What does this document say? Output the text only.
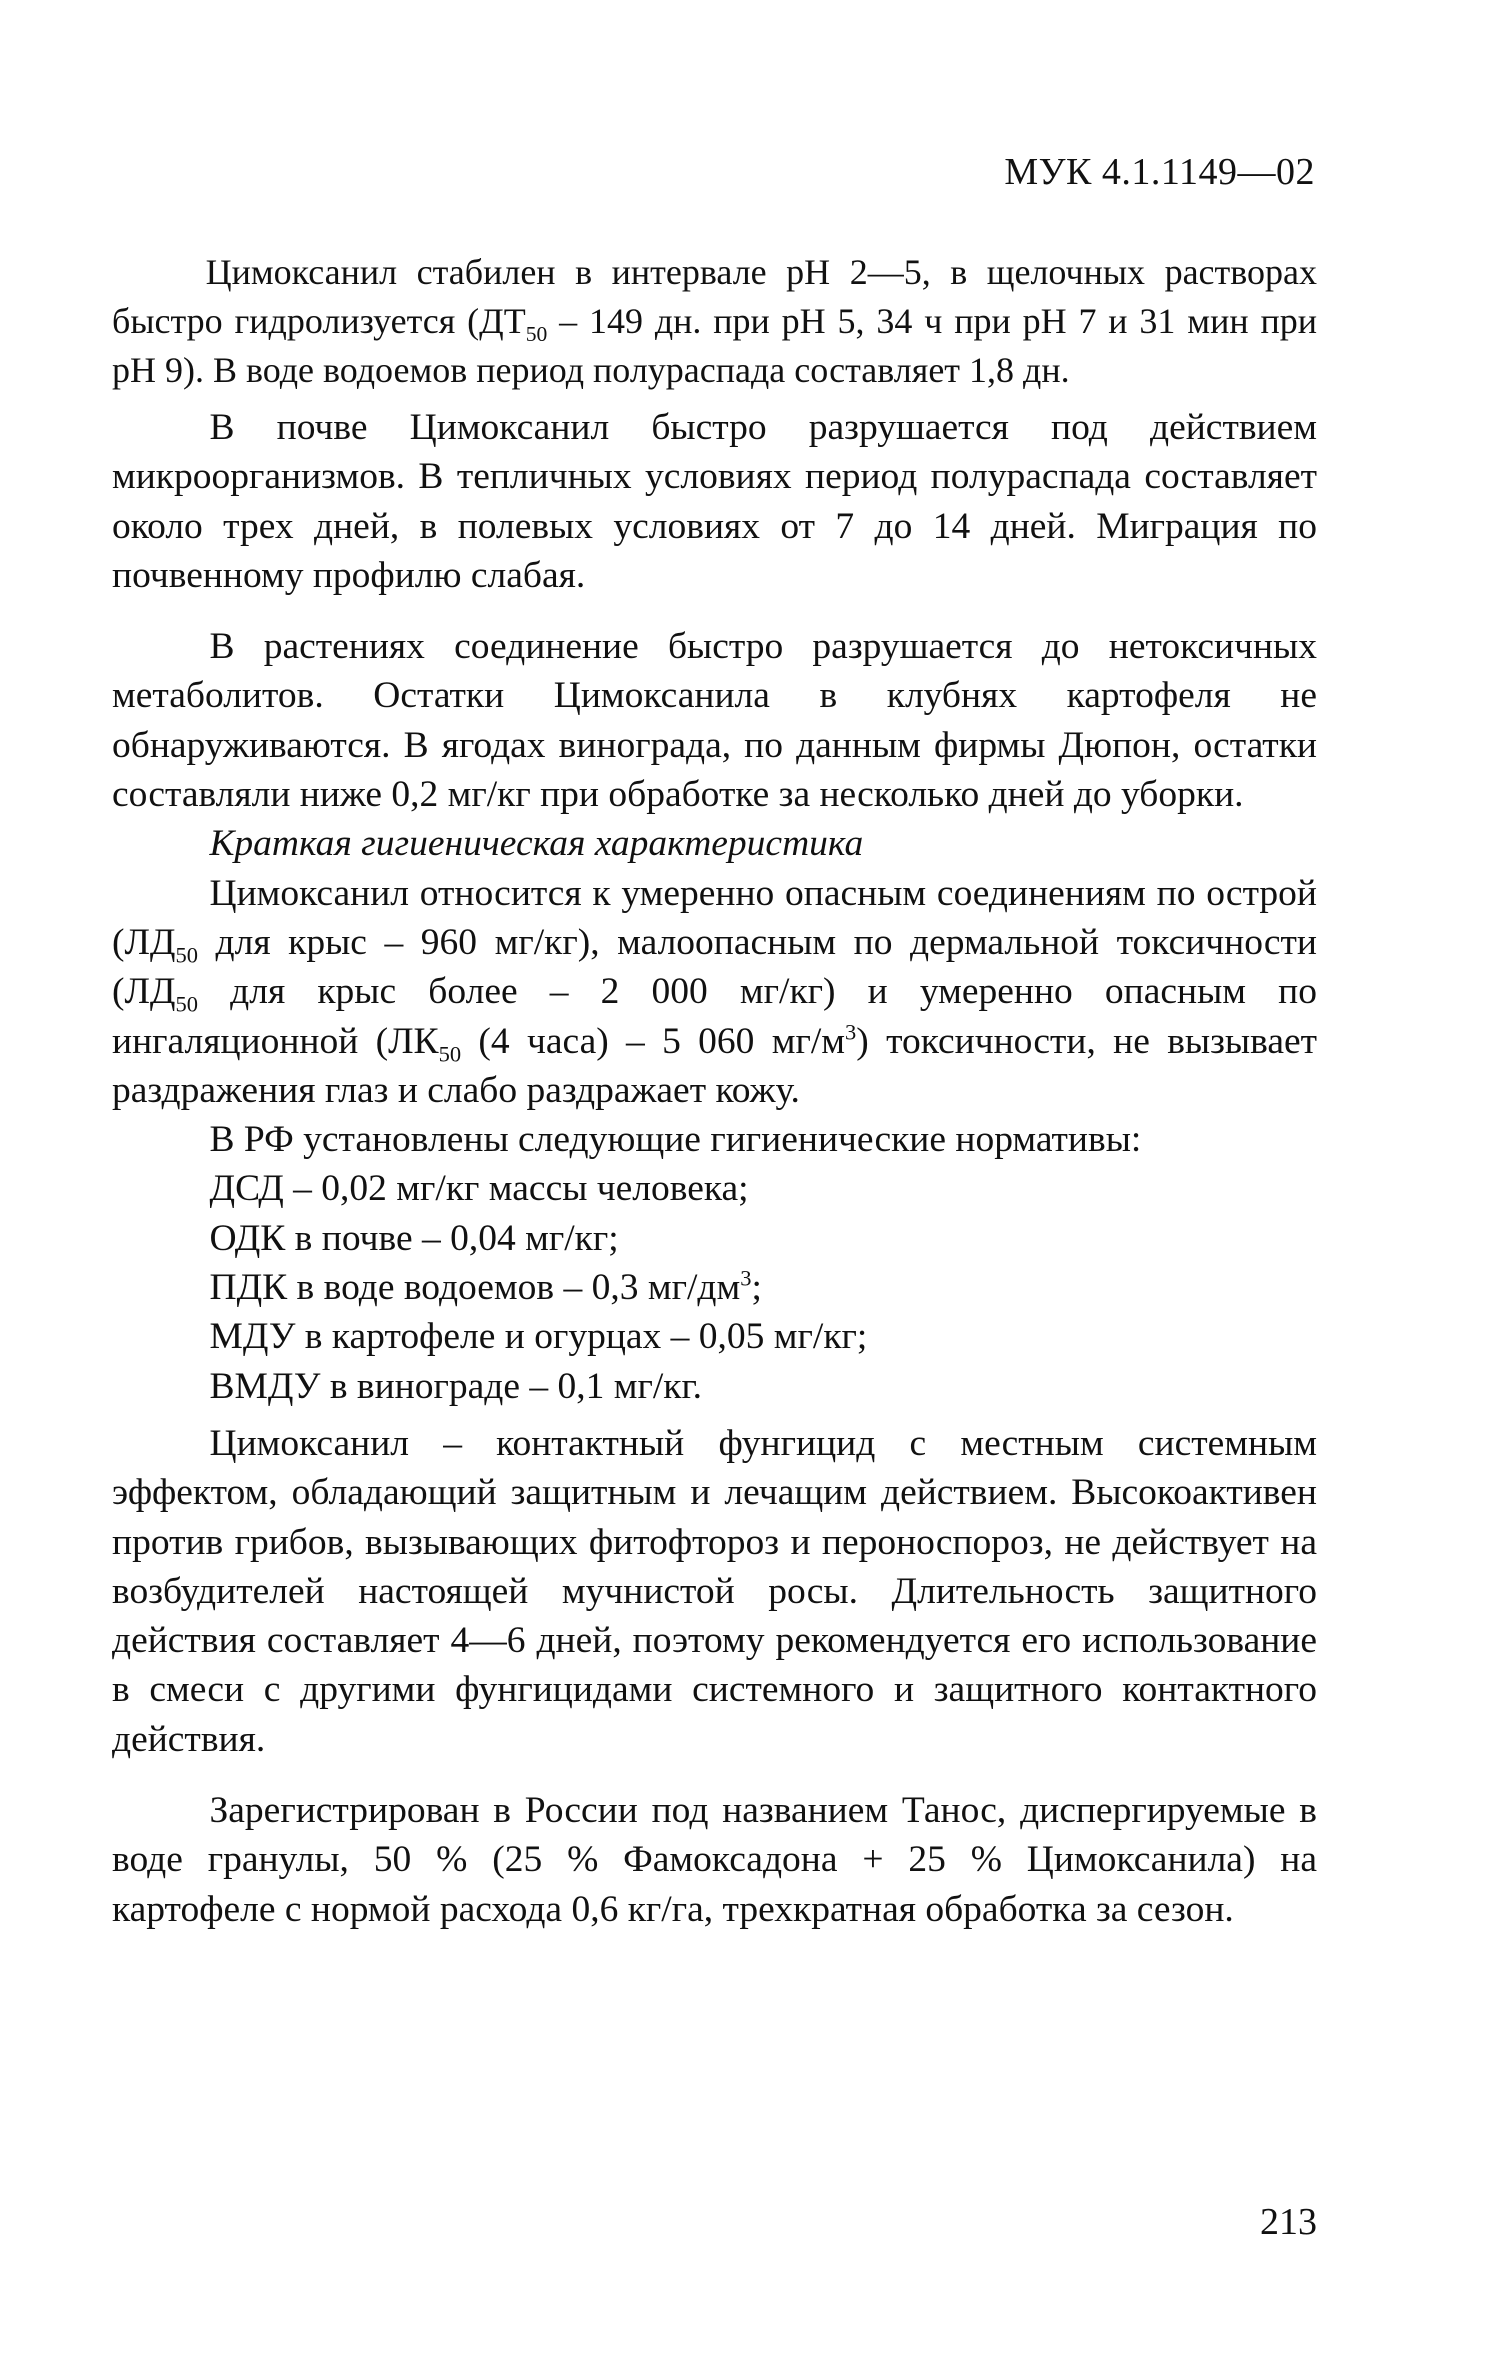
МУК 4.1.1149—02

Цимоксанил стабилен в интервале pH 2—5, в щелочных растворах быстро гидролизуется ($ДТ_{50} - 149$ дн. при pH 5, 34 ч при pH 7 и 31 мин при pH 9). В воде водоемов период полураспада составляет 1,8 дн.

В почве Цимоксанил быстро разрушается под действием микроорганизмов. В тепличных условиях период полураспада составляет около трех дней, в полевых условиях от 7 до 14 дней. Миграция по почвенному профилю слабая.

В растениях соединение быстро разрушается до нетоксичных метаболитов. Остатки Цимоксанила в клубнях картофеля не обнаруживаются. В ягодах винограда, по данным фирмы Дюпон, остатки составляли ниже 0,2 мг/кг при обработке за несколько дней до уборки.

Краткая гигиеническая характеристика

Цимоксанил относится к умеренно опасным соединениям по острой ($ЛД_{50}$ для крыс – 960 мг/кг), малоопасным по дермальной токсичности ($ЛД_{50}$ для крыс более – 2 000 мг/кг) и умеренно опасным по ингаляционной ($ЛК_{50}$ (4 часа) – 5 060 $мг/м^3$) токсичности, не вызывает раздражения глаз и слабо раздражает кожу.

В РФ установлены следующие гигиенические нормативы:

ДСД – 0,02 мг/кг массы человека;

ОДК в почве – 0,04 мг/кг;

ПДК в воде водоемов – 0,3 $мг/дм^3$;

МДУ в картофеле и огурцах – 0,05 мг/кг;

ВМДУ в винограде – 0,1 мг/кг.

Цимоксанил – контактный фунгицид с местным системным эффектом, обладающий защитным и лечащим действием. Высокоактивен против грибов, вызывающих фитофтороз и пероноспороз, не действует на возбудителей настоящей мучнистой росы. Длительность защитного действия составляет 4—6 дней, поэтому рекомендуется его использование в смеси с другими фунгицидами системного и защитного контактного действия.

Зарегистрирован в России под названием Танос, диспергируемые в воде гранулы, 50 % (25 % Фамоксадона + 25 % Цимоксанила) на картофеле с нормой расхода 0,6 кг/га, трехкратная обработка за сезон.

213
